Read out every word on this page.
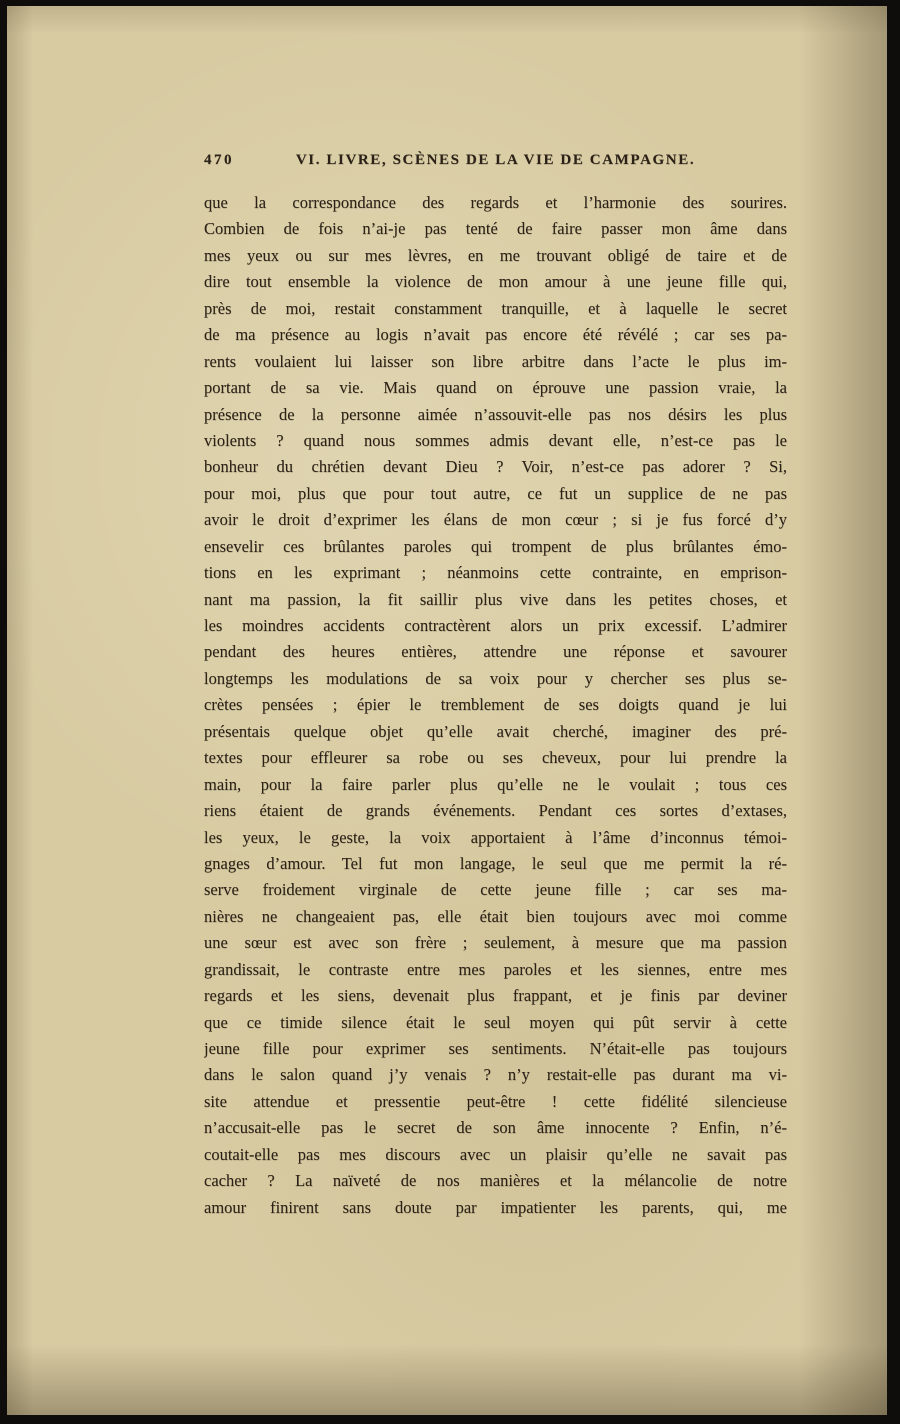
470	VI. LIVRE, SCÈNES DE LA VIE DE CAMPAGNE.
que la correspondance des regards et l’harmonie des sourires.
Combien de fois n’ai-je pas tenté de faire passer mon âme dans
mes yeux ou sur mes lèvres, en me trouvant obligé de taire et de
dire tout ensemble la violence de mon amour à une jeune fille qui,
près de moi, restait constamment tranquille, et à laquelle le secret
de ma présence au logis n’avait pas encore été révélé ; car ses pa-
rents voulaient lui laisser son libre arbitre dans l’acte le plus im-
portant de sa vie. Mais quand on éprouve une passion vraie, la
présence de la personne aimée n’assouvit-elle pas nos désirs les plus
violents ? quand nous sommes admis devant elle, n’est-ce pas le
bonheur du chrétien devant Dieu ? Voir, n’est-ce pas adorer ? Si,
pour moi, plus que pour tout autre, ce fut un supplice de ne pas
avoir le droit d’exprimer les élans de mon cœur ; si je fus forcé d’y
ensevelir ces brûlantes paroles qui trompent de plus brûlantes émo-
tions en les exprimant ; néanmoins cette contrainte, en emprison-
nant ma passion, la fit saillir plus vive dans les petites choses, et
les moindres accidents contractèrent alors un prix excessif. L’admirer
pendant des heures entières, attendre une réponse et savourer
longtemps les modulations de sa voix pour y chercher ses plus se-
crètes pensées ; épier le tremblement de ses doigts quand je lui
présentais quelque objet qu’elle avait cherché, imaginer des pré-
textes pour effleurer sa robe ou ses cheveux, pour lui prendre la
main, pour la faire parler plus qu’elle ne le voulait ; tous ces
riens étaient de grands événements. Pendant ces sortes d’extases,
les yeux, le geste, la voix apportaient à l’âme d’inconnus témoi-
gnages d’amour. Tel fut mon langage, le seul que me permit la ré-
serve froidement virginale de cette jeune fille ; car ses ma-
nières ne changeaient pas, elle était bien toujours avec moi comme
une sœur est avec son frère ; seulement, à mesure que ma passion
grandissait, le contraste entre mes paroles et les siennes, entre mes
regards et les siens, devenait plus frappant, et je finis par deviner
que ce timide silence était le seul moyen qui pût servir à cette
jeune fille pour exprimer ses sentiments. N’était-elle pas toujours
dans le salon quand j’y venais ? n’y restait-elle pas durant ma vi-
site attendue et pressentie peut-être ! cette fidélité silencieuse
n’accusait-elle pas le secret de son âme innocente ? Enfin, n’é-
coutait-elle pas mes discours avec un plaisir qu’elle ne savait pas
cacher ? La naïveté de nos manières et la mélancolie de notre
amour finirent sans doute par impatienter les parents, qui, me
